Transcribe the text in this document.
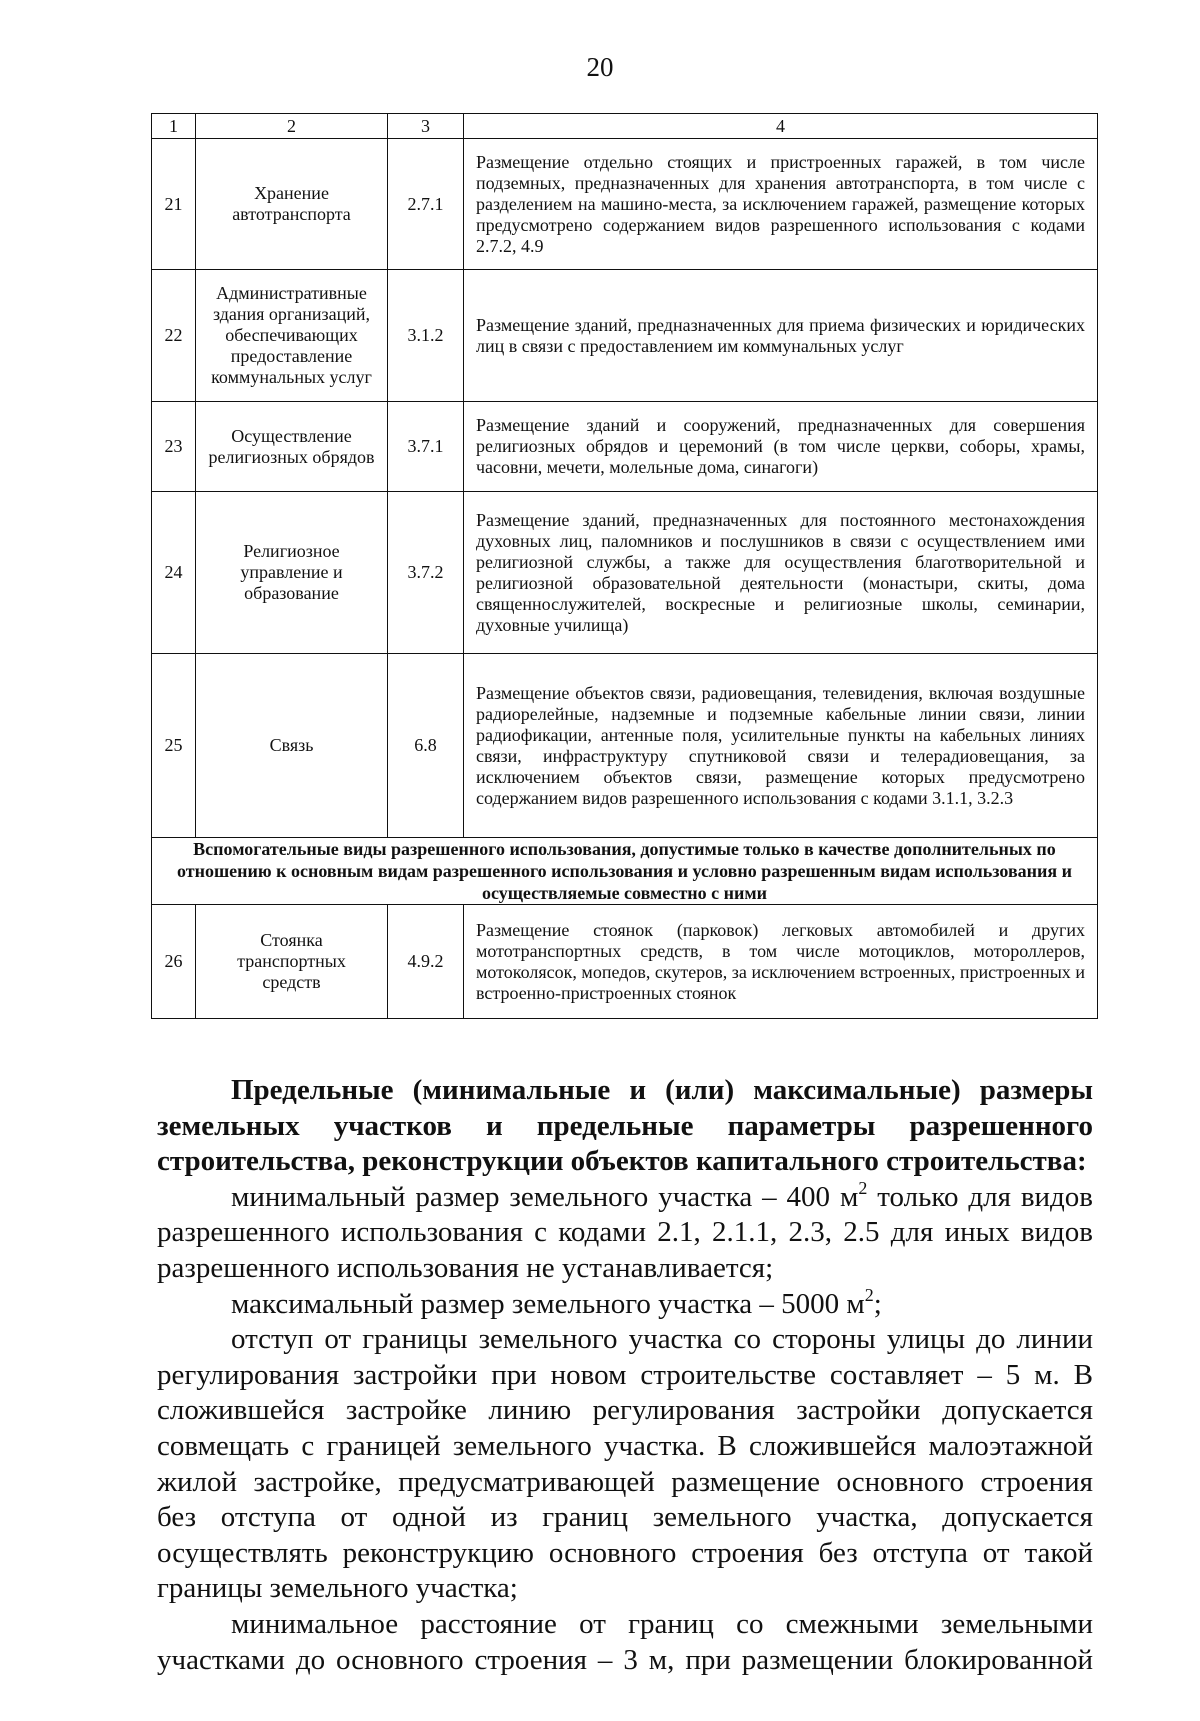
20
1	2	3	4
21	Хранение автотранспорта	2.7.1	Размещение отдельно стоящих и пристроенных гаражей, в том числе подземных, предназначенных для хранения автотранспорта, в том числе с разделением на машино-места, за исключением гаражей, размещение которых предусмотрено содержанием видов разрешенного использования с кодами 2.7.2, 4.9
22	Административные здания организаций, обеспечивающих предоставление коммунальных услуг	3.1.2	Размещение зданий, предназначенных для приема физических и юридических лиц в связи с предоставлением им коммунальных услуг
23	Осуществление религиозных обрядов	3.7.1	Размещение зданий и сооружений, предназначенных для совершения религиозных обрядов и церемоний (в том числе церкви, соборы, храмы, часовни, мечети, молельные дома, синагоги)
24	Религиозное управление и образование	3.7.2	Размещение зданий, предназначенных для постоянного местонахождения духовных лиц, паломников и послушников в связи с осуществлением ими религиозной службы, а также для осуществления благотворительной и религиозной образовательной деятельности (монастыри, скиты, дома священнослужителей, воскресные и религиозные школы, семинарии, духовные училища)
25	Связь	6.8	Размещение объектов связи, радиовещания, телевидения, включая воздушные радиорелейные, надземные и подземные кабельные линии связи, линии радиофикации, антенные поля, усилительные пункты на кабельных линиях связи, инфраструктуру спутниковой связи и телерадиовещания, за исключением объектов связи, размещение которых предусмотрено содержанием видов разрешенного использования с кодами 3.1.1, 3.2.3
Вспомогательные виды разрешенного использования, допустимые только в качестве дополнительных по отношению к основным видам разрешенного использования и условно разрешенным видам использования и осуществляемые совместно с ними			
26	Стоянка транспортных средств	4.9.2	Размещение стоянок (парковок) легковых автомобилей и других мототранспортных средств, в том числе мотоциклов, мотороллеров, мотоколясок, мопедов, скутеров, за исключением встроенных, пристроенных и встроенно-пристроенных стоянок

Предельные (минимальные и (или) максимальные) размеры земельных участков и предельные параметры разрешенного строительства, реконструкции объектов капитального строительства:

минимальный размер земельного участка – 400 $м^2$ только для видов разрешенного использования с кодами 2.1, 2.1.1, 2.3, 2.5 для иных видов разрешенного использования не устанавливается;

максимальный размер земельного участка – 5000 $м^2$;

отступ от границы земельного участка со стороны улицы до линии регулирования застройки при новом строительстве составляет – 5 м. В сложившейся застройке линию регулирования застройки допускается совмещать с границей земельного участка. В сложившейся малоэтажной жилой застройке, предусматривающей размещение основного строения без отступа от одной из границ земельного участка, допускается осуществлять реконструкцию основного строения без отступа от такой границы земельного участка;

минимальное расстояние от границ со смежными земельными участками до основного строения – 3 м, при размещении блокированной
